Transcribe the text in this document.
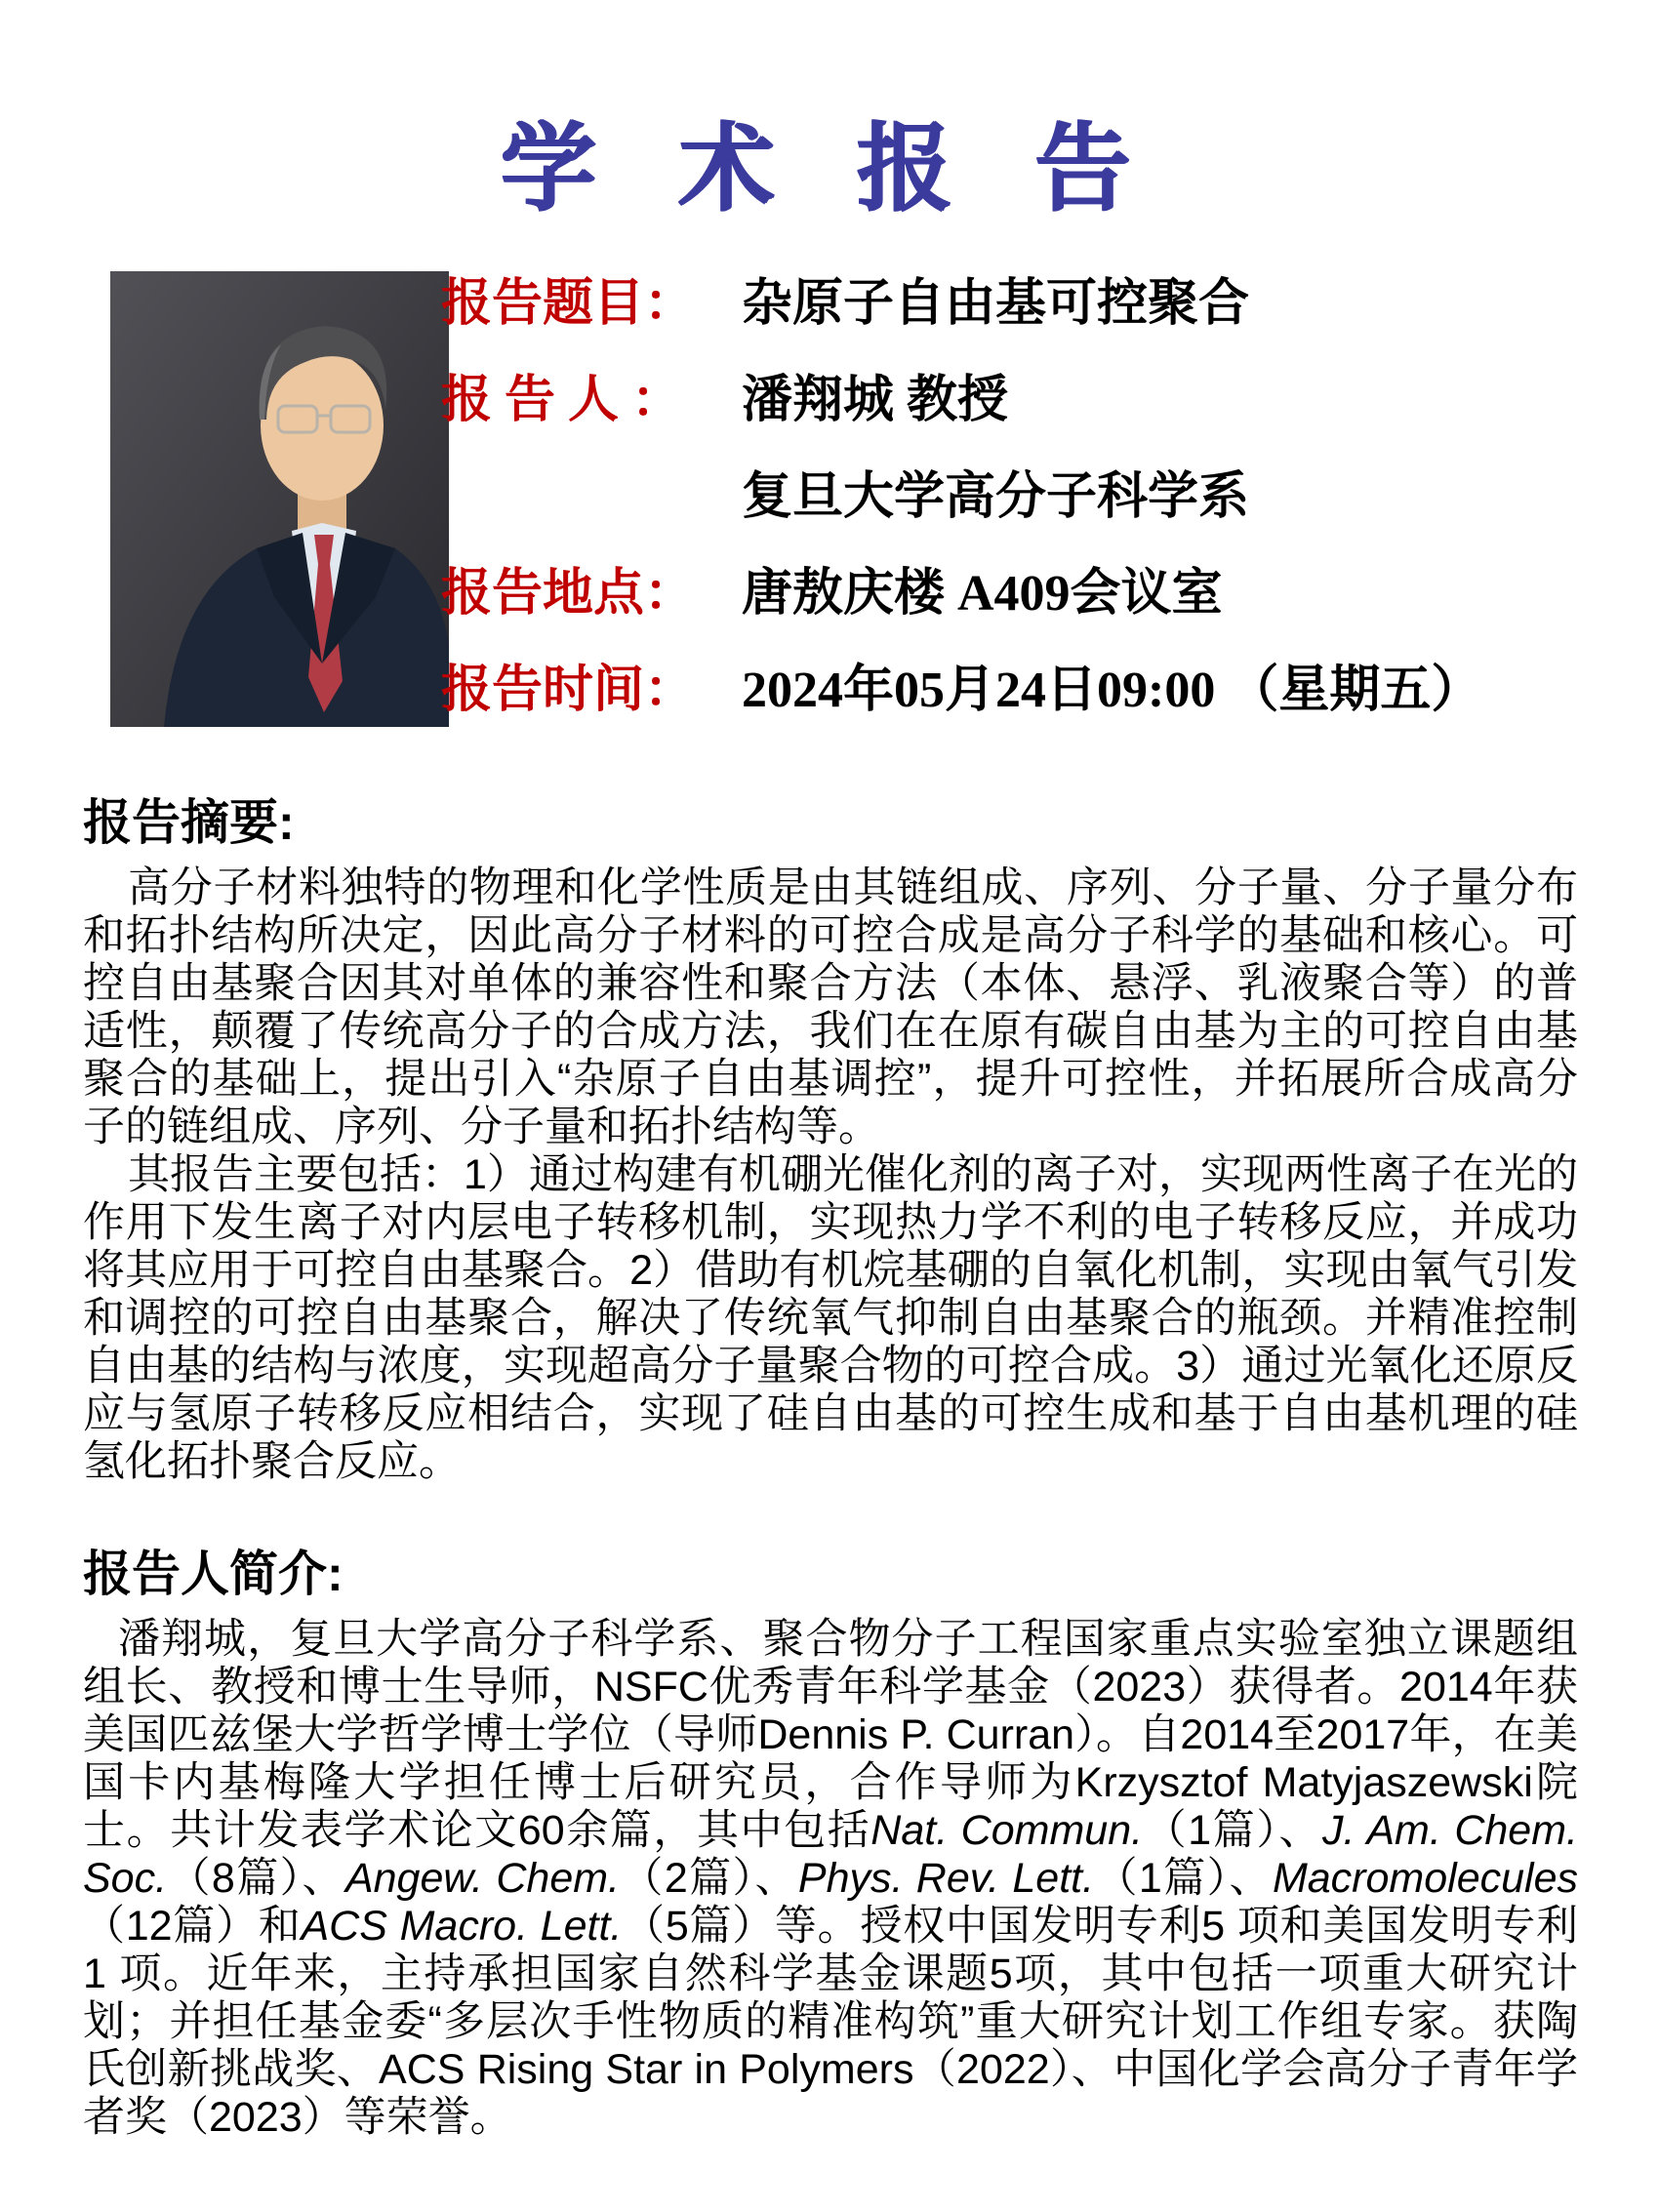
学 术 报 告
报告题目： 杂原子自由基可控聚合
报 告 人 ：	潘翔城 教授
复旦大学高分子科学系
报告地点： 唐敖庆楼 A409会议室
报告时间： 2024年05月24日09:00 （星期五）
报告摘要:

高分子材料独特的物理和化学性质是由其链组成、序列、分子量、分子量分布和拓扑结构所决定，因此高分子材料的可控合成是高分子科学的基础和核心。可控自由基聚合因其对单体的兼容性和聚合方法（本体、悬浮、乳液聚合等）的普适性，颠覆了传统高分子的合成方法，我们在在原有碳自由基为主的可控自由基聚合的基础上，提出引入“杂原子自由基调控”，提升可控性，并拓展所合成高分子的链组成、序列、分子量和拓扑结构等。

其报告主要包括：1）通过构建有机硼光催化剂的离子对，实现两性离子在光的作用下发生离子对内层电子转移机制，实现热力学不利的电子转移反应，并成功将其应用于可控自由基聚合。2）借助有机烷基硼的自氧化机制，实现由氧气引发和调控的可控自由基聚合，解决了传统氧气抑制自由基聚合的瓶颈。并精准控制自由基的结构与浓度，实现超高分子量聚合物的可控合成。3）通过光氧化还原反应与氢原子转移反应相结合，实现了硅自由基的可控生成和基于自由基机理的硅氢化拓扑聚合反应。

报告人简介:

潘翔城，复旦大学高分子科学系、聚合物分子工程国家重点实验室独立课题组组长、教授和博士生导师，NSFC优秀青年科学基金（2023）获得者。2014年获美国匹兹堡大学哲学博士学位（导师Dennis P. Curran）。自2014至2017年，在美国卡内基梅隆大学担任博士后研究员，合作导师为Krzysztof Matyjaszewski院士。共计发表学术论文60余篇，其中包括Nat. Commun.（1篇）、J. Am. Chem. Soc.（8篇）、Angew. Chem.（2篇）、Phys. Rev. Lett.（1篇）、Macromolecules（12篇）和ACS Macro. Lett.（5篇）等。授权中国发明专利5 项和美国发明专利 1 项。近年来，主持承担国家自然科学基金课题5项，其中包括一项重大研究计划；并担任基金委“多层次手性物质的精准构筑”重大研究计划工作组专家。获陶氏创新挑战奖、ACS Rising Star in Polymers（2022）、中国化学会高分子青年学者奖（2023）等荣誉。
